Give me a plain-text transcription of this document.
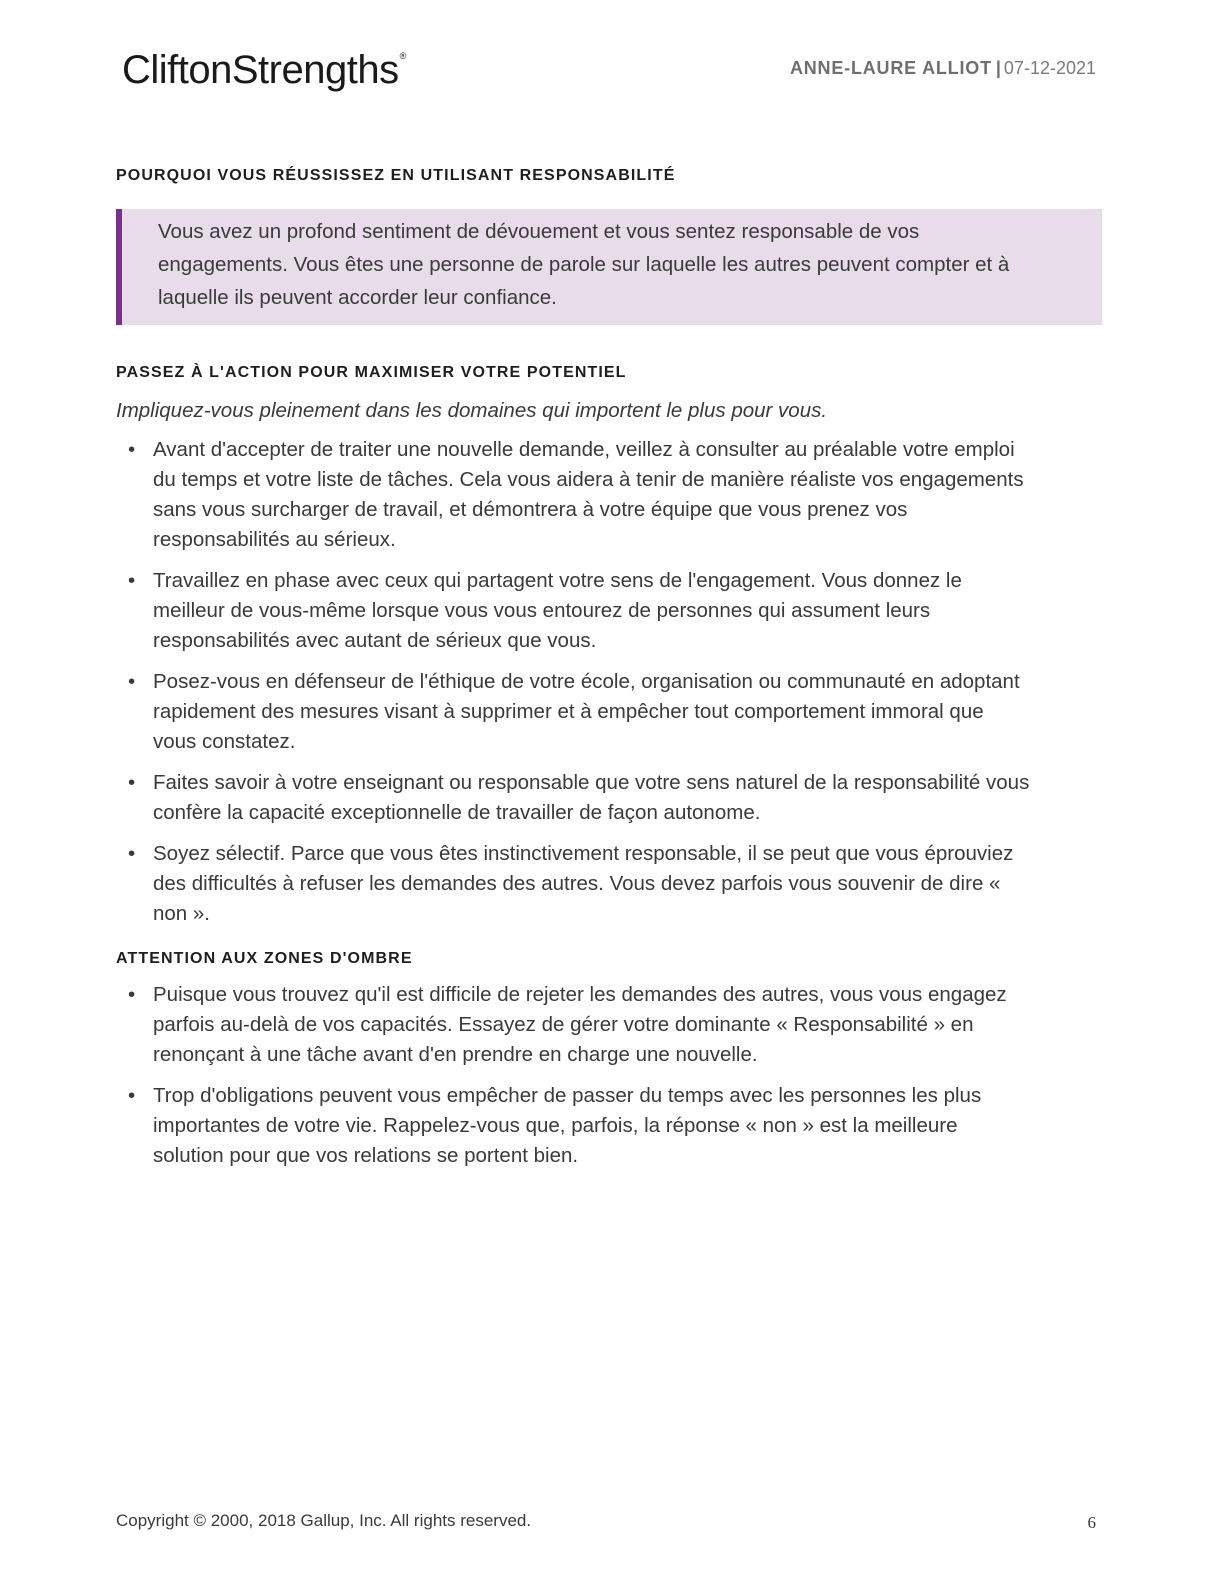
CliftonStrengths®
ANNE-LAURE ALLIOT | 07-12-2021
POURQUOI VOUS RÉUSSISSEZ EN UTILISANT RESPONSABILITÉ
Vous avez un profond sentiment de dévouement et vous sentez responsable de vos engagements. Vous êtes une personne de parole sur laquelle les autres peuvent compter et à laquelle ils peuvent accorder leur confiance.
PASSEZ À L'ACTION POUR MAXIMISER VOTRE POTENTIEL
Impliquez-vous pleinement dans les domaines qui importent le plus pour vous.
• Avant d'accepter de traiter une nouvelle demande, veillez à consulter au préalable votre emploi du temps et votre liste de tâches. Cela vous aidera à tenir de manière réaliste vos engagements sans vous surcharger de travail, et démontrera à votre équipe que vous prenez vos responsabilités au sérieux.
• Travaillez en phase avec ceux qui partagent votre sens de l'engagement. Vous donnez le meilleur de vous-même lorsque vous vous entourez de personnes qui assument leurs responsabilités avec autant de sérieux que vous.
• Posez-vous en défenseur de l'éthique de votre école, organisation ou communauté en adoptant rapidement des mesures visant à supprimer et à empêcher tout comportement immoral que vous constatez.
• Faites savoir à votre enseignant ou responsable que votre sens naturel de la responsabilité vous confère la capacité exceptionnelle de travailler de façon autonome.
• Soyez sélectif. Parce que vous êtes instinctivement responsable, il se peut que vous éprouviez des difficultés à refuser les demandes des autres. Vous devez parfois vous souvenir de dire « non ».
ATTENTION AUX ZONES D'OMBRE
• Puisque vous trouvez qu'il est difficile de rejeter les demandes des autres, vous vous engagez parfois au-delà de vos capacités. Essayez de gérer votre dominante « Responsabilité » en renonçant à une tâche avant d'en prendre en charge une nouvelle.
• Trop d'obligations peuvent vous empêcher de passer du temps avec les personnes les plus importantes de votre vie. Rappelez-vous que, parfois, la réponse « non » est la meilleure solution pour que vos relations se portent bien.
Copyright © 2000, 2018 Gallup, Inc. All rights reserved.	6
